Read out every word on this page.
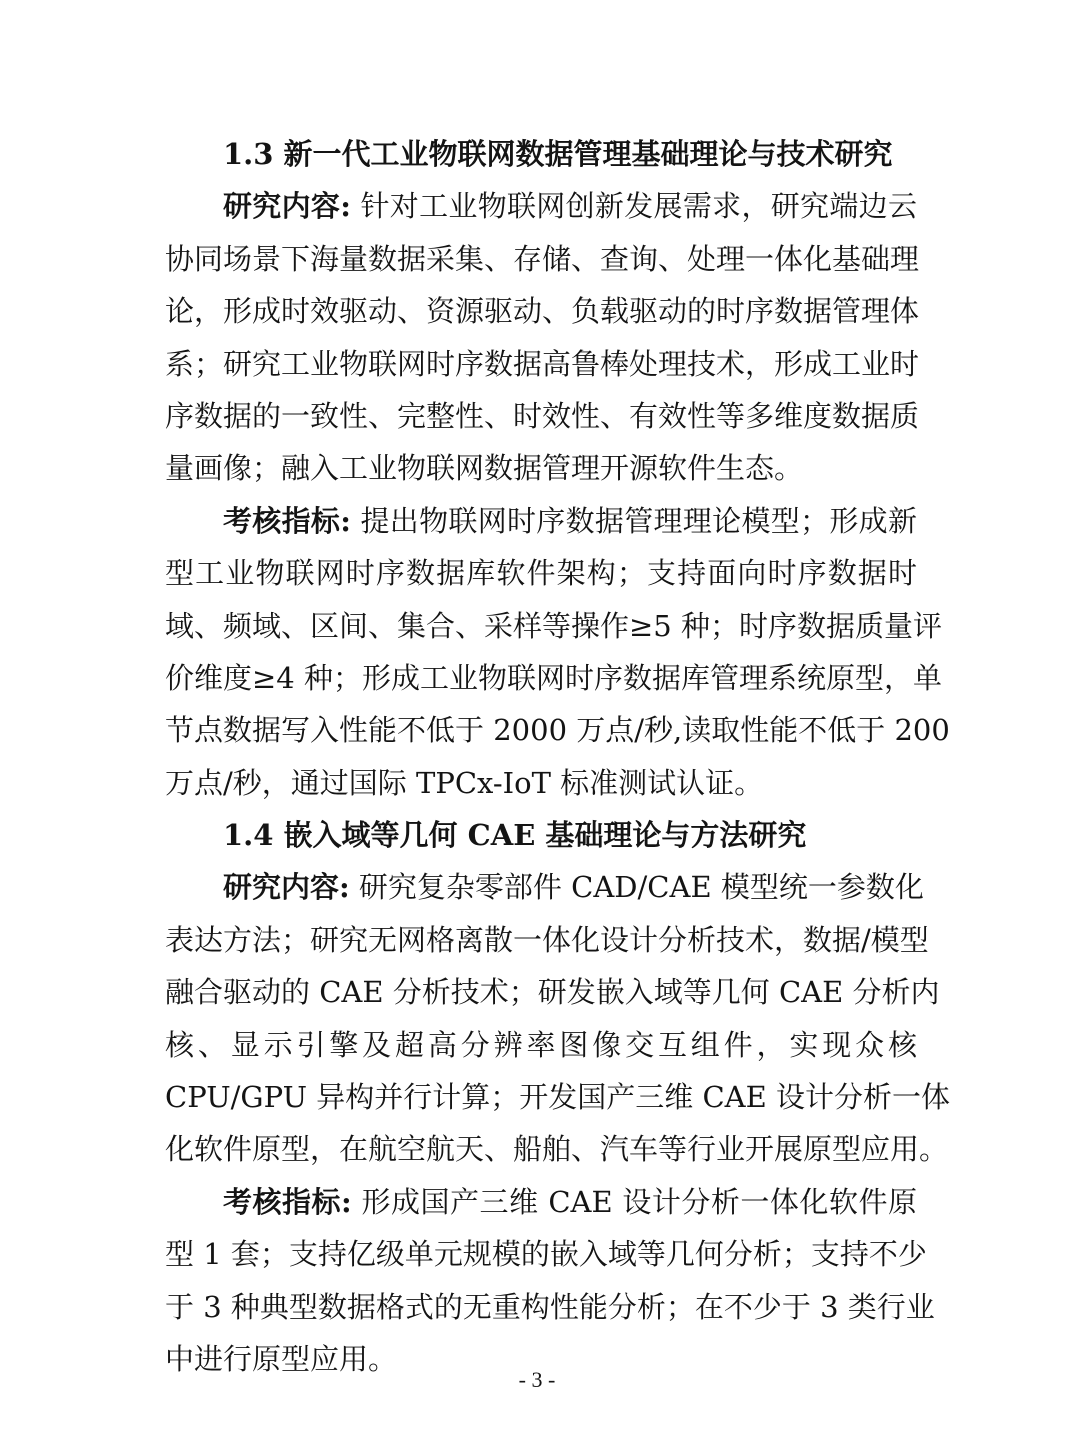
1.3 新一代工业物联网数据管理基础理论与技术研究
研究内容: 针对工业物联网创新发展需求，研究端边云
协同场景下海量数据采集、存储、查询、处理一体化基础理
论，形成时效驱动、资源驱动、负载驱动的时序数据管理体
系；研究工业物联网时序数据高鲁棒处理技术，形成工业时
序数据的一致性、完整性、时效性、有效性等多维度数据质
量画像；融入工业物联网数据管理开源软件生态。
考核指标: 提出物联网时序数据管理理论模型；形成新
型工业物联网时序数据库软件架构；支持面向时序数据时
域、频域、区间、集合、采样等操作≥5 种；时序数据质量评
价维度≥4 种；形成工业物联网时序数据库管理系统原型，单
节点数据写入性能不低于 2000 万点/秒,读取性能不低于 200
万点/秒，通过国际 TPCx-IoT 标准测试认证。
1.4 嵌入域等几何 CAE 基础理论与方法研究
研究内容: 研究复杂零部件 CAD/CAE 模型统一参数化
表达方法；研究无网格离散一体化设计分析技术，数据/模型
融合驱动的 CAE 分析技术；研发嵌入域等几何 CAE 分析内
核、显示引擎及超高分辨率图像交互组件，实现众核
CPU/GPU 异构并行计算；开发国产三维 CAE 设计分析一体
化软件原型，在航空航天、船舶、汽车等行业开展原型应用。
考核指标: 形成国产三维 CAE 设计分析一体化软件原
型 1 套；支持亿级单元规模的嵌入域等几何分析；支持不少
于 3 种典型数据格式的无重构性能分析；在不少于 3 类行业
中进行原型应用。
- 3 -
